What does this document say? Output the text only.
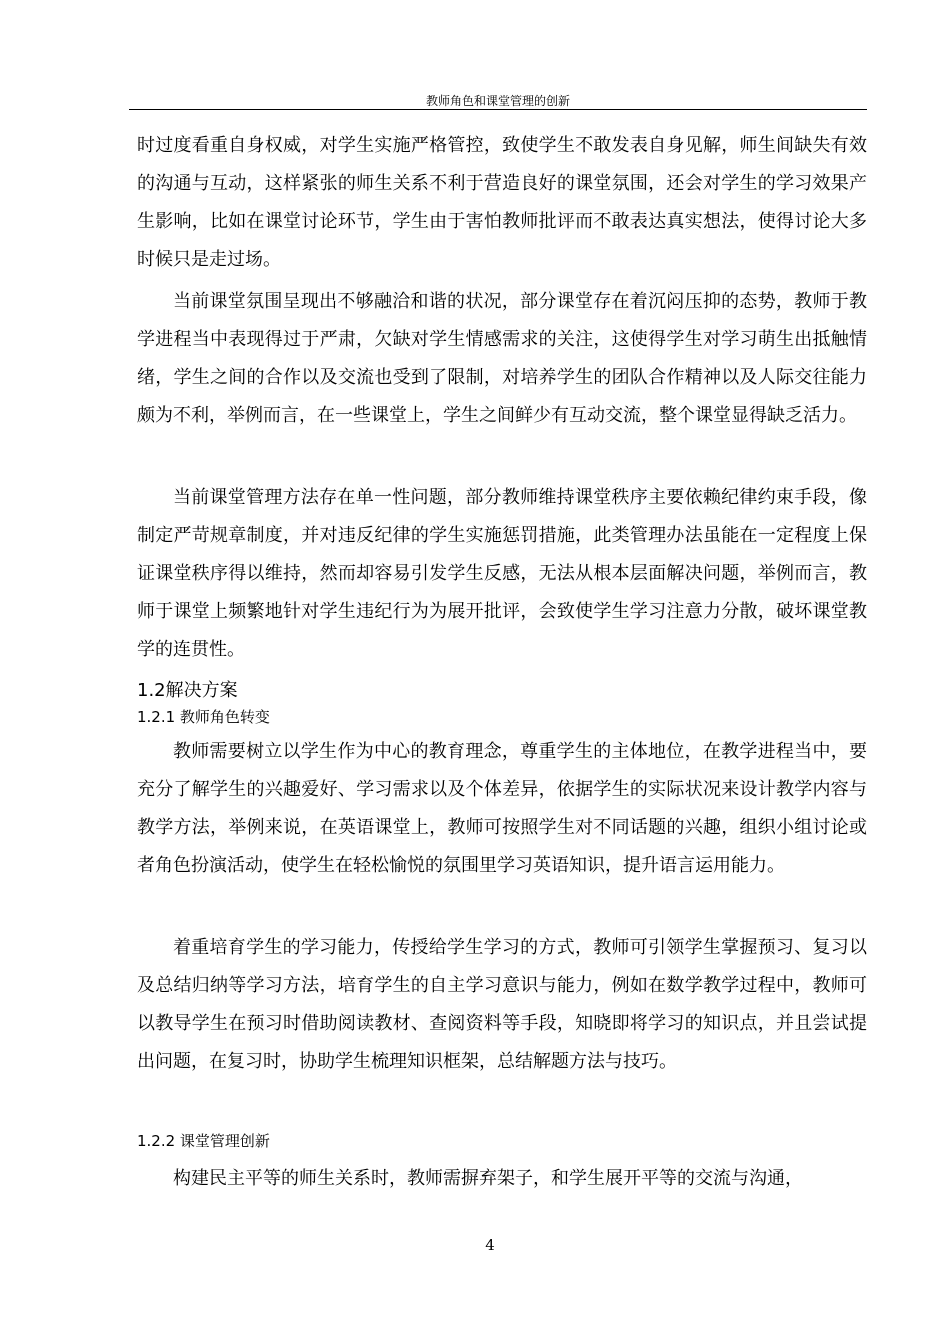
教师角色和课堂管理的创新

时过度看重自身权威，对学生实施严格管控，致使学生不敢发表自身见解，师生间缺失有效的沟通与互动，这样紧张的师生关系不利于营造良好的课堂氛围，还会对学生的学习效果产生影响，比如在课堂讨论环节，学生由于害怕教师批评而不敢表达真实想法，使得讨论大多时候只是走过场。

当前课堂氛围呈现出不够融洽和谐的状况，部分课堂存在着沉闷压抑的态势，教师于教学进程当中表现得过于严肃，欠缺对学生情感需求的关注，这使得学生对学习萌生出抵触情绪，学生之间的合作以及交流也受到了限制，对培养学生的团队合作精神以及人际交往能力颇为不利，举例而言，在一些课堂上，学生之间鲜少有互动交流，整个课堂显得缺乏活力。

当前课堂管理方法存在单一性问题，部分教师维持课堂秩序主要依赖纪律约束手段，像制定严苛规章制度，并对违反纪律的学生实施惩罚措施，此类管理办法虽能在一定程度上保证课堂秩序得以维持，然而却容易引发学生反感，无法从根本层面解决问题，举例而言，教师于课堂上频繁地针对学生违纪行为为展开批评，会致使学生学习注意力分散，破坏课堂教学的连贯性。

1.2解决方案
1.2.1 教师角色转变

教师需要树立以学生作为中心的教育理念，尊重学生的主体地位，在教学进程当中，要充分了解学生的兴趣爱好、学习需求以及个体差异，依据学生的实际状况来设计教学内容与教学方法，举例来说，在英语课堂上，教师可按照学生对不同话题的兴趣，组织小组讨论或者角色扮演活动，使学生在轻松愉悦的氛围里学习英语知识，提升语言运用能力。

着重培育学生的学习能力，传授给学生学习的方式，教师可引领学生掌握预习、复习以及总结归纳等学习方法，培育学生的自主学习意识与能力，例如在数学教学过程中，教师可以教导学生在预习时借助阅读教材、查阅资料等手段，知晓即将学习的知识点，并且尝试提出问题，在复习时，协助学生梳理知识框架，总结解题方法与技巧。

1.2.2 课堂管理创新

构建民主平等的师生关系时，教师需摒弃架子，和学生展开平等的交流与沟通，

4
